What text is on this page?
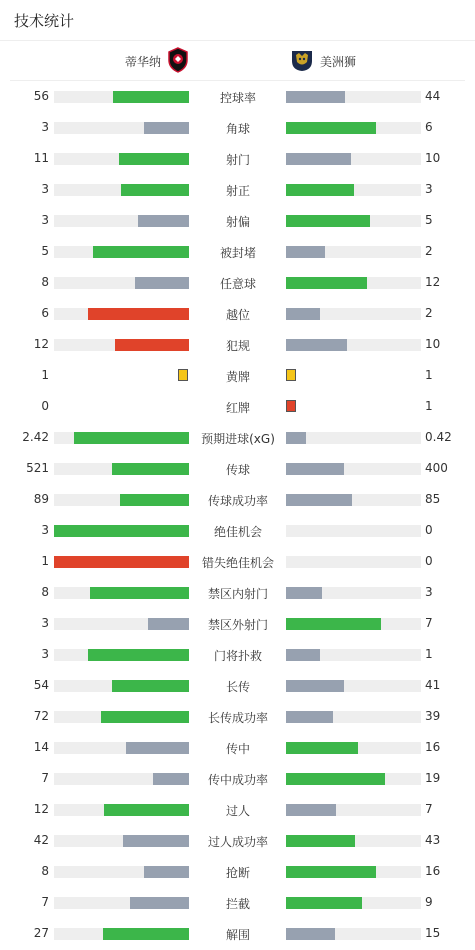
技术统计
蒂华纳	美洲狮
56	控球率	44
3	角球	6
11	射门	10
3	射正	3
3	射偏	5
5	被封堵	2
8	任意球	12
6	越位	2
12	犯规	10
1	黄牌	1
0	红牌	1
2.42	预期进球(xG)	0.42
521	传球	400
89	传球成功率	85
3	绝佳机会	0
1	错失绝佳机会	0
8	禁区内射门	3
3	禁区外射门	7
3	门将扑救	1
54	长传	41
72	长传成功率	39
14	传中	16
7	传中成功率	19
12	过人	7
42	过人成功率	43
8	抢断	16
7	拦截	9
27	解围	15
